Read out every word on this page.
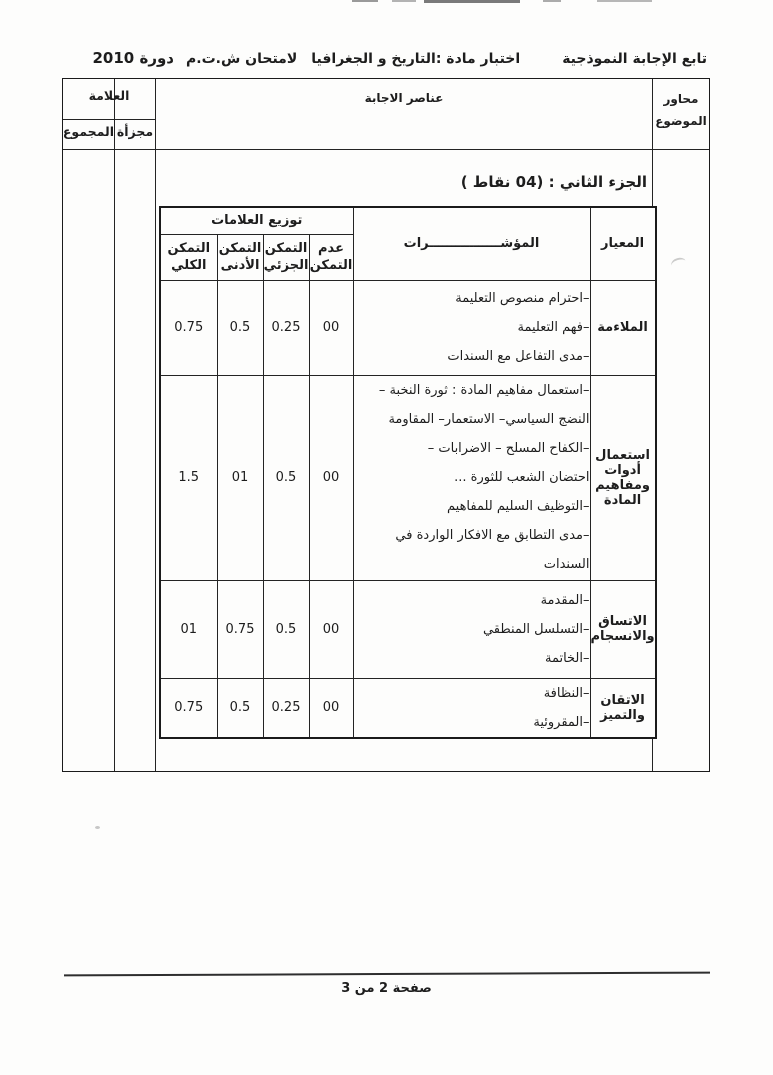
تابع الإجابة النموذجية
اختبار مادة :التاريخ و الجغرافيا
لامتحان ش.ت.م
دورة 2010
العلامة
المجموع مجزأة
عناصر الاجابة	محاور الموضوع
الجزء الثاني : (04 نقاط )
المعيار	المؤشــــــــــــــــرات	توزيع العلامات			
		عدم التمكن	التمكن الجزئي	التمكن الأدنى	التمكن الكلي

الملاءمة	–احترام منصوص التعليمة
–فهم التعليمة
–مدى التفاعل مع السندات	00	0.25	0.5	0.75

استعمال
أدوات
ومفاهيم
المادة

–استعمال مفاهيم المادة : ثورة النخبة –
النضج السياسي– الاستعمار– المقاومة
–الكفاح المسلح – الاضرابات –
احتضان الشعب للثورة ...
–التوظيف السليم للمفاهيم
–مدى التطابق مع الافكار الواردة في
السندات
	00	0.5	01	1.5

الاتساق
والانسجام

–المقدمة
–التسلسل المنطقي
–الخاتمة
	00	0.5	0.75	01

الاتقان
والتميز

–النظافة
–المقروئية
	00	0.25	0.5	0.75
صفحة 2 من 3
